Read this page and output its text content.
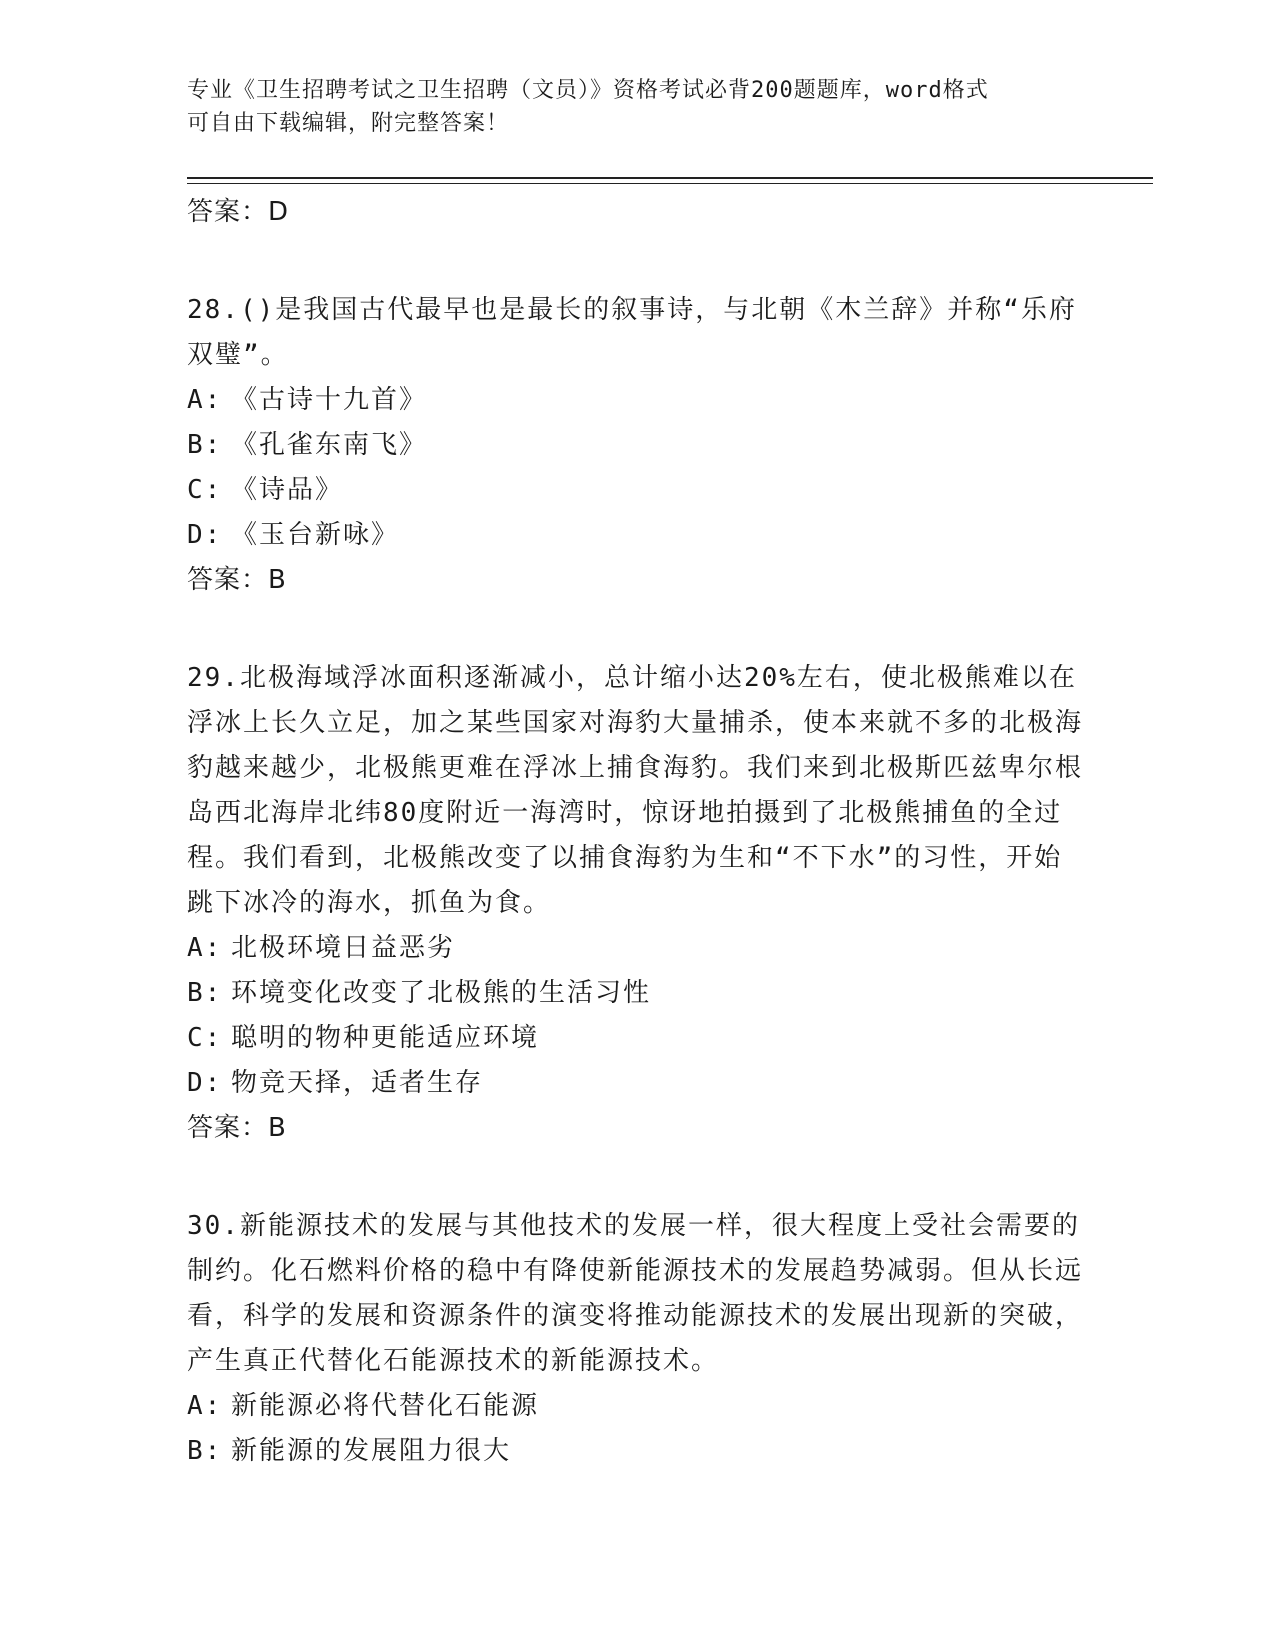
专业《卫生招聘考试之卫生招聘（文员）》资格考试必背200题题库，word格式
可自由下载编辑，附完整答案！

答案：D

28.()是我国古代最早也是最长的叙事诗，与北朝《木兰辞》并称“乐府双璧”。

A: 《古诗十九首》

B: 《孔雀东南飞》

C: 《诗品》

D: 《玉台新咏》

答案：B

29.北极海域浮冰面积逐渐减小，总计缩小达20%左右，使北极熊难以在浮冰上长久立足，加之某些国家对海豹大量捕杀，使本来就不多的北极海豹越来越少，北极熊更难在浮冰上捕食海豹。我们来到北极斯匹兹卑尔根岛西北海岸北纬80度附近一海湾时，惊讶地拍摄到了北极熊捕鱼的全过程。我们看到，北极熊改变了以捕食海豹为生和“不下水”的习性，开始跳下冰冷的海水，抓鱼为食。

A: 北极环境日益恶劣

B: 环境变化改变了北极熊的生活习性

C: 聪明的物种更能适应环境

D: 物竞天择，适者生存

答案：B

30.新能源技术的发展与其他技术的发展一样，很大程度上受社会需要的制约。化石燃料价格的稳中有降使新能源技术的发展趋势减弱。但从长远看，科学的发展和资源条件的演变将推动能源技术的发展出现新的突破，产生真正代替化石能源技术的新能源技术。

A: 新能源必将代替化石能源

B: 新能源的发展阻力很大
